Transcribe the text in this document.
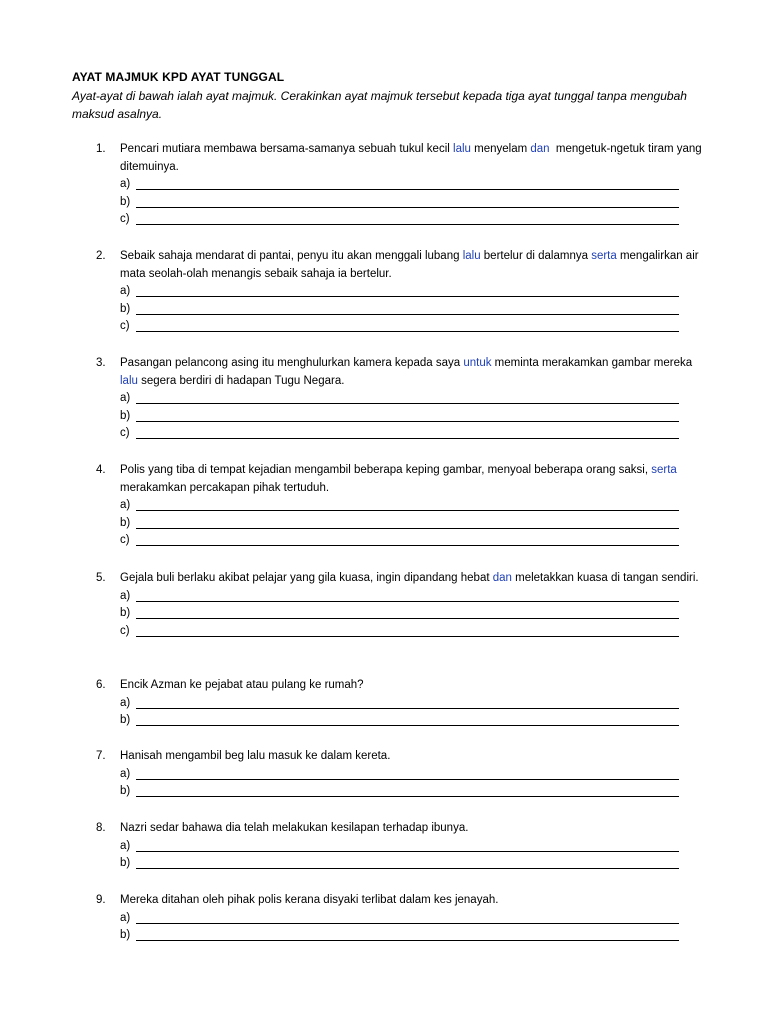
AYAT MAJMUK KPD AYAT TUNGGAL
Ayat-ayat di bawah ialah ayat majmuk. Cerakinkan ayat majmuk tersebut kepada tiga ayat tunggal tanpa mengubah maksud asalnya.
1.	Pencari mutiara membawa bersama-samanya sebuah tukul kecil lalu menyelam dan  mengetuk-ngetuk tiram yang ditemuinya.
a)
b)
c)
2.	Sebaik sahaja mendarat di pantai, penyu itu akan menggali lubang lalu bertelur di dalamnya serta mengalirkan air mata seolah-olah menangis sebaik sahaja ia bertelur.
a)
b)
c)
3.	Pasangan pelancong asing itu menghulurkan kamera kepada saya untuk meminta merakamkan gambar mereka lalu segera berdiri di hadapan Tugu Negara.
a)
b)
c)
4.	Polis yang tiba di tempat kejadian mengambil beberapa keping gambar, menyoal beberapa orang saksi, serta merakamkan percakapan pihak tertuduh.
a)
b)
c)
5.	Gejala buli berlaku akibat pelajar yang gila kuasa, ingin dipandang hebat dan meletakkan kuasa di tangan sendiri.
a)
b)
c)
6.	Encik Azman ke pejabat atau pulang ke rumah?
a)
b)
7.	Hanisah mengambil beg lalu masuk ke dalam kereta.
a)
b)
8.	Nazri sedar bahawa dia telah melakukan kesilapan terhadap ibunya.
a)
b)
9.	Mereka ditahan oleh pihak polis kerana disyaki terlibat dalam kes jenayah.
a)
b)
